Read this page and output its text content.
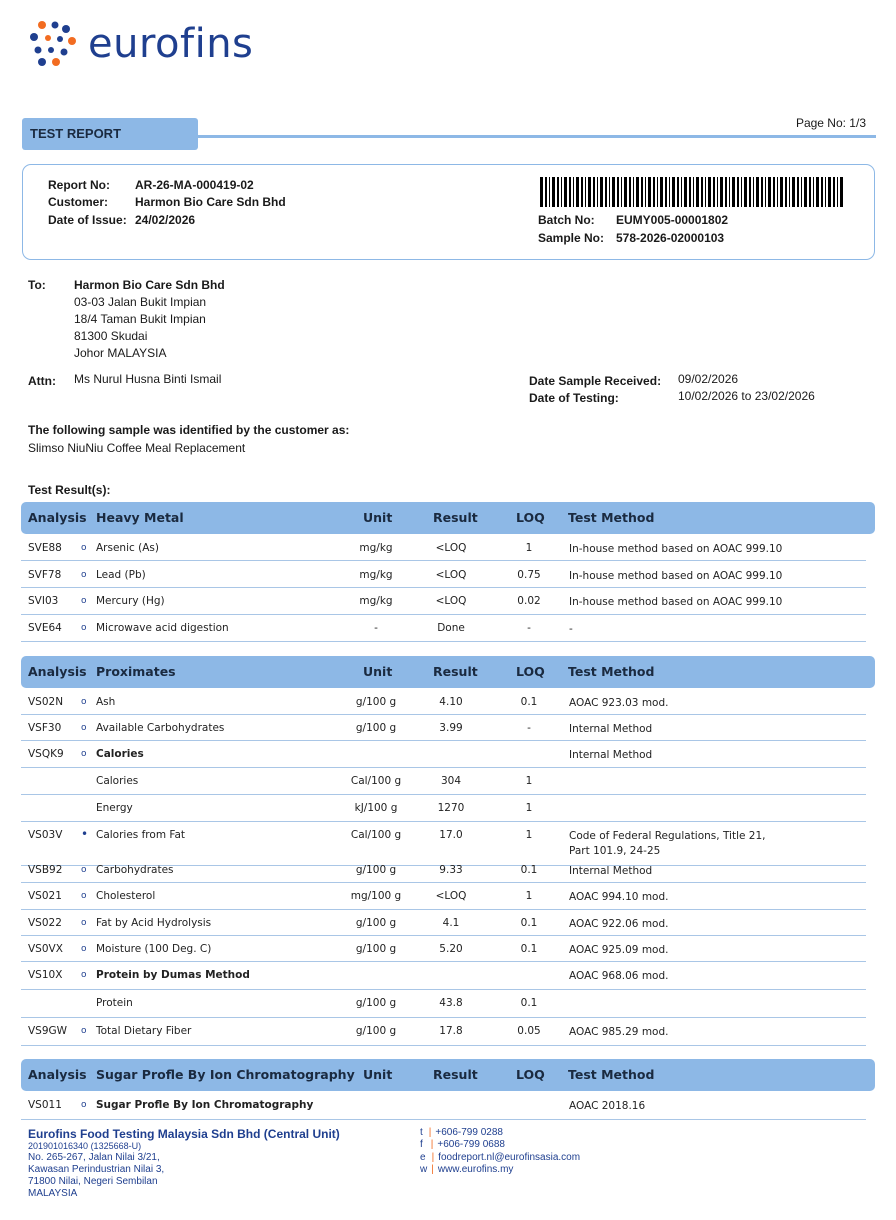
eurofins
TEST REPORT
Page No: 1/3
Report No: AR-26-MA-000419-02
Customer: Harmon Bio Care Sdn Bhd
Date of Issue: 24/02/2026	Batch No: EUMY005-00001802
Sample No: 578-2026-02000103
To: Harmon Bio Care Sdn Bhd
03-03 Jalan Bukit Impian
18/4 Taman Bukit Impian
81300 Skudai
Johor MALAYSIA
Attn: Ms Nurul Husna Binti Ismail	Date Sample Received: 09/02/2026
Date of Testing:	10/02/2026 to 23/02/2026
The following sample was identified by the customer as:
Slimso NiuNiu Coffee Meal Replacement
Test Result(s):
Analysis Heavy Metal	Unit	Result	LOQ Test Method
SVE88 o Arsenic (As)	mg/kg	<LOQ	1	In-house method based on AOAC 999.10
SVF78 o Lead (Pb)	mg/kg	<LOQ	0.75	In-house method based on AOAC 999.10
SVI03	o Mercury (Hg)	mg/kg	<LOQ	0.02	In-house method based on AOAC 999.10
SVE64 o Microwave acid digestion	-	Done	-	-
Analysis Proximates	Unit	Result	LOQ Test Method
VS02N o Ash	g/100 g	4.10	0.1	AOAC 923.03 mod.
VSF30 o Available Carbohydrates	g/100 g	3.99	-	Internal Method
VSQK9 o Calories	Internal Method
Calories	Cal/100 g	304	1
Energy	kJ/100 g	1270	1
VS03V • Calories from Fat	Cal/100 g	17.0	1	Code of Federal Regulations, Title 21,
Part 101.9, 24-25
VSB92 o Carbohydrates	g/100 g	9.33	0.1	Internal Method
VS021 o Cholesterol	mg/100 g	<LOQ	1	AOAC 994.10 mod.
VS022 o Fat by Acid Hydrolysis	g/100 g	4.1	0.1	AOAC 922.06 mod.
VS0VX o Moisture (100 Deg. C)	g/100 g	5.20	0.1	AOAC 925.09 mod.
VS10X o Protein by Dumas Method	AOAC 968.06 mod.
Protein	g/100 g	43.8	0.1
VS9GW o Total Dietary Fiber	g/100 g	17.8	0.05	AOAC 985.29 mod.
Analysis Sugar Profle By Ion Chromatography Unit	Result	LOQ Test Method
VS011 o Sugar Profle By Ion Chromatography	AOAC 2018.16
Eurofins Food Testing Malaysia Sdn Bhd (Central Unit)
201901016340 (1325668-U)
No. 265-267, Jalan Nilai 3/21,
Kawasan Perindustrian Nilai 3,
71800 Nilai, Negeri Sembilan
MALAYSIA
t | +606-799 0288
f | +606-799 0688
e | foodreport.nl@eurofinsasia.com
w | www.eurofins.my
